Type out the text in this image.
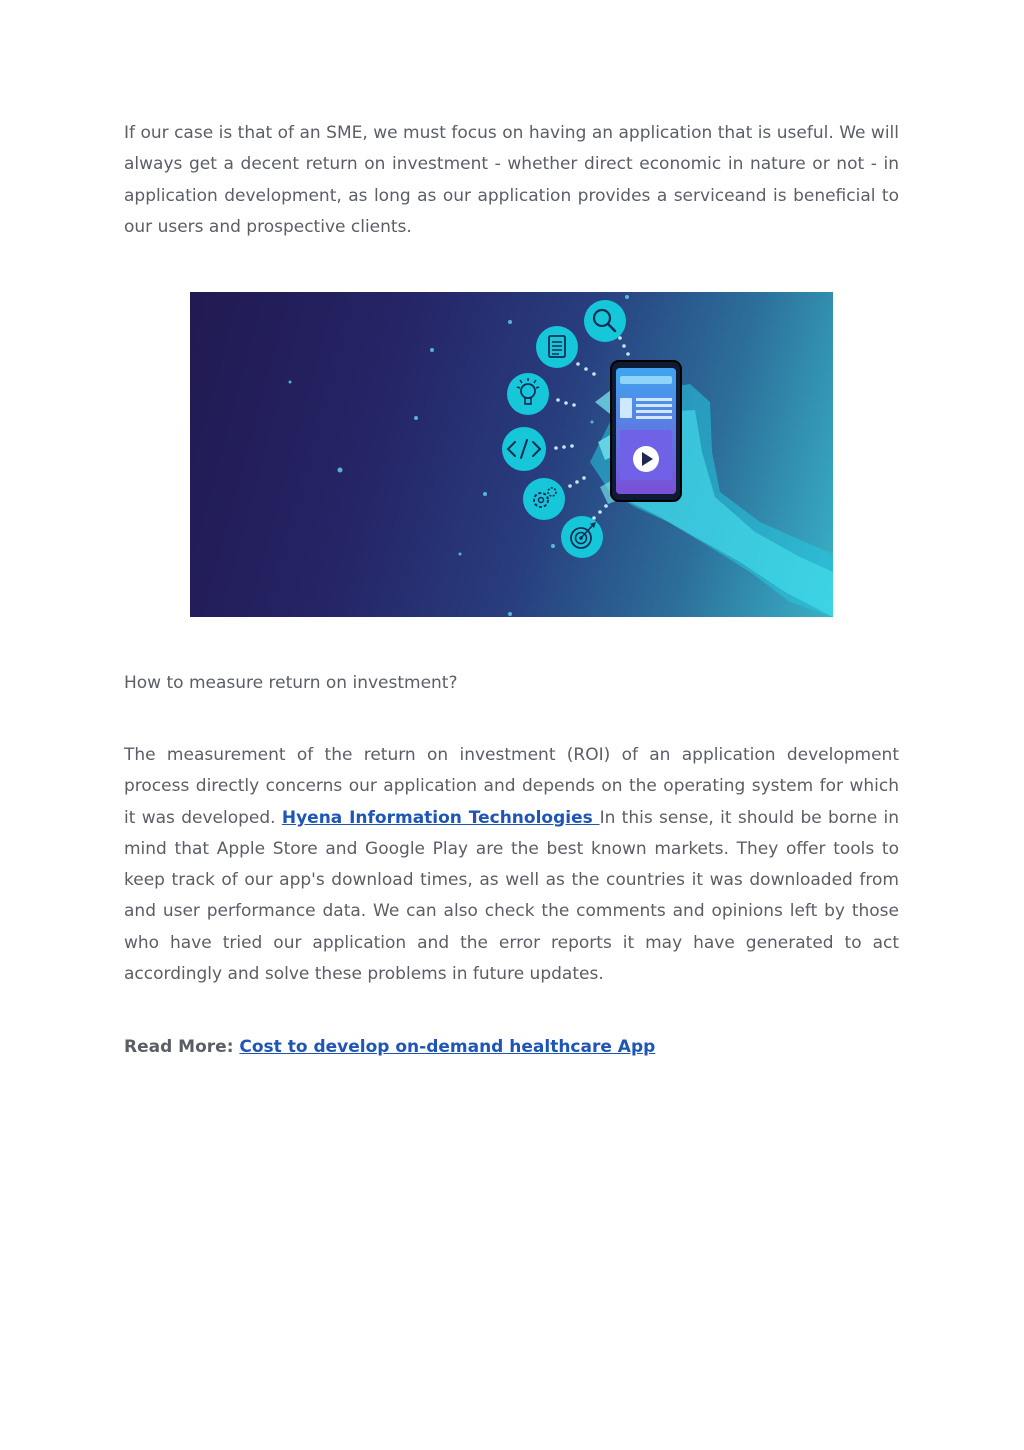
If our case is that of an SME, we must focus on having an application that is useful. We will always get a decent return on investment - whether direct economic in nature or not - in application development, as long as our application provides a serviceand is beneficial to our users and prospective clients.

How to measure return on investment?

The measurement of the return on investment (ROI) of an application development process directly concerns our application and depends on the operating system for which it was developed. Hyena Information Technologies In this sense, it should be borne in mind that Apple Store and Google Play are the best known markets. They offer tools to keep track of our app's download times, as well as the countries it was downloaded from and user performance data. We can also check the comments and opinions left by those who have tried our application and the error reports it may have generated to act accordingly and solve these problems in future updates.

Read More: Cost to develop on-demand healthcare App
